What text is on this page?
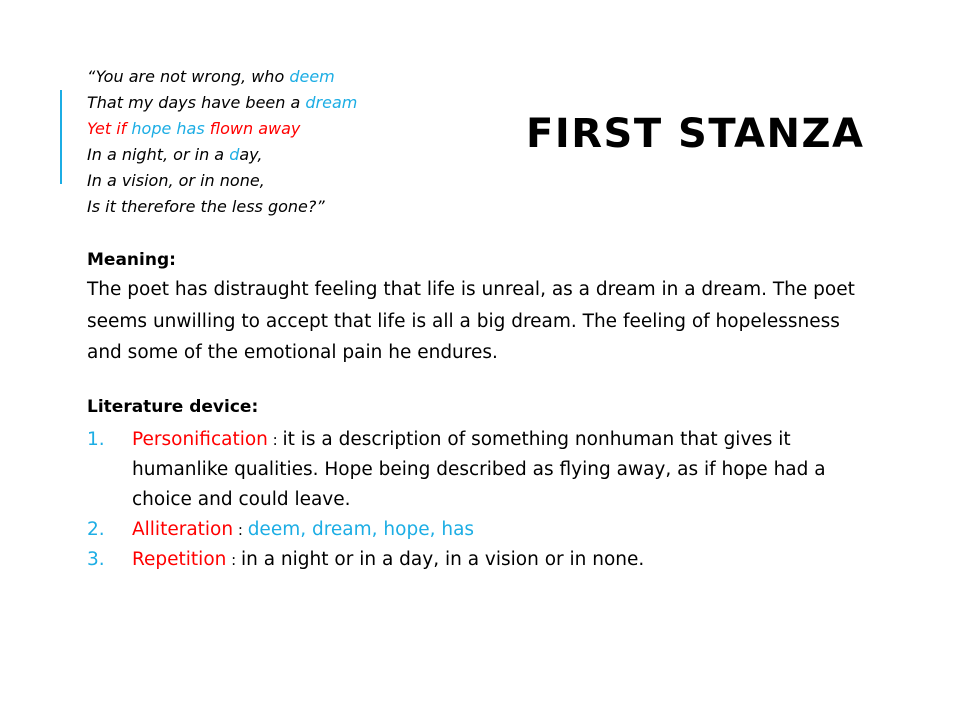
FIRST STANZA
“You are not wrong, who deem
That my days have been a dream
Yet if hope has flown away
In a night, or in a day,
In a vision, or in none,
Is it therefore the less gone?”
Meaning:
The poet has distraught feeling that life is unreal, as a dream in a dream. The poet seems unwilling to accept that life is all a big dream. The feeling of hopelessness and some of the emotional pain he endures.
Literature device:
1.	Personification : it is a description of something nonhuman that gives it humanlike qualities. Hope being described as flying away, as if hope had a choice and could leave.
2.	Alliteration : deem, dream, hope, has
3.	Repetition : in a night or in a day, in a vision or in none.
